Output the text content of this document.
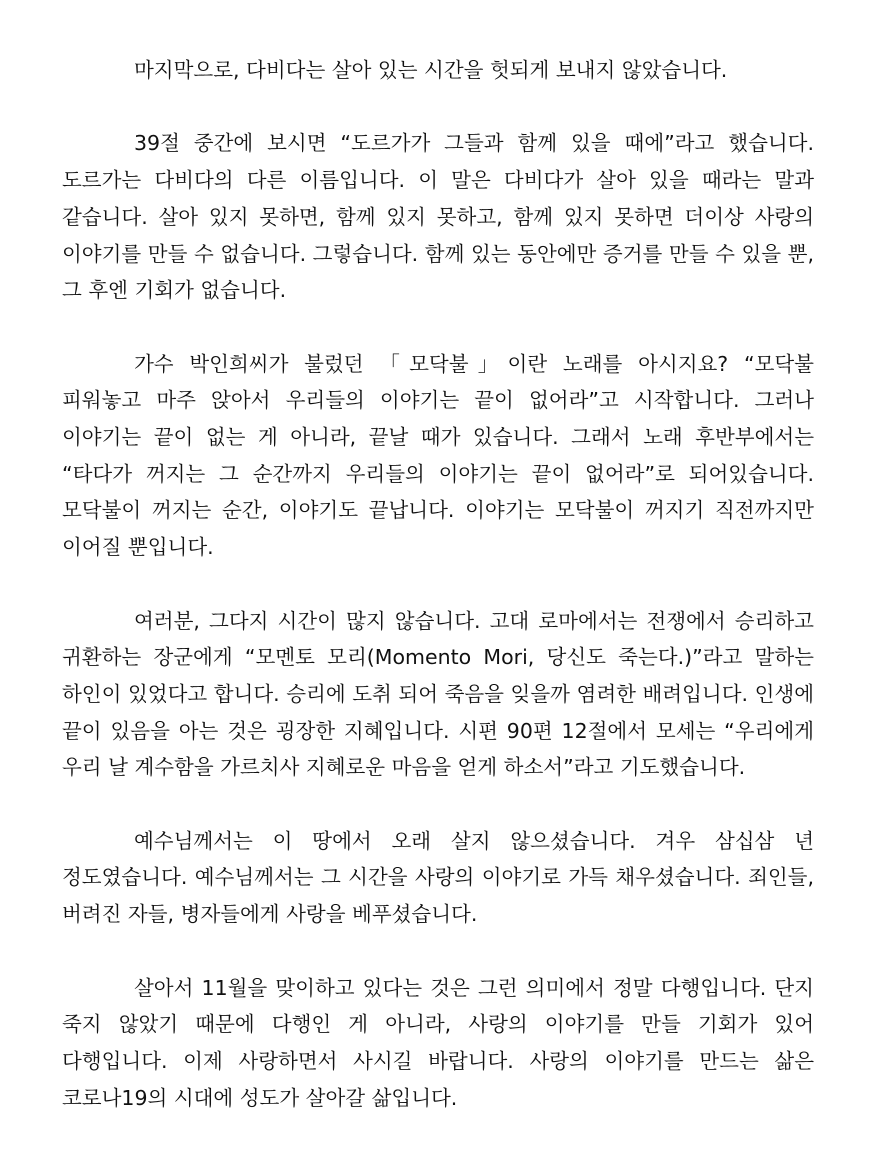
마지막으로, 다비다는 살아 있는 시간을 헛되게 보내지 않았습니다.

39절 중간에 보시면 “도르가가 그들과 함께 있을 때에”라고 했습니다. 도르가는 다비다의 다른 이름입니다. 이 말은 다비다가 살아 있을 때라는 말과 같습니다. 살아 있지 못하면, 함께 있지 못하고, 함께 있지 못하면 더이상 사랑의 이야기를 만들 수 없습니다. 그렇습니다. 함께 있는 동안에만 증거를 만들 수 있을 뿐, 그 후엔 기회가 없습니다.

가수 박인희씨가 불렀던 「모닥불」이란 노래를 아시지요? “모닥불 피워놓고 마주 앉아서 우리들의 이야기는 끝이 없어라”고 시작합니다. 그러나 이야기는 끝이 없는 게 아니라, 끝날 때가 있습니다. 그래서 노래 후반부에서는 “타다가 꺼지는 그 순간까지 우리들의 이야기는 끝이 없어라”로 되어있습니다. 모닥불이 꺼지는 순간, 이야기도 끝납니다. 이야기는 모닥불이 꺼지기 직전까지만 이어질 뿐입니다.

여러분, 그다지 시간이 많지 않습니다. 고대 로마에서는 전쟁에서 승리하고 귀환하는 장군에게 “모멘토 모리(Momento Mori, 당신도 죽는다.)”라고 말하는 하인이 있었다고 합니다. 승리에 도취 되어 죽음을 잊을까 염려한 배려입니다. 인생에 끝이 있음을 아는 것은 굉장한 지혜입니다. 시편 90편 12절에서 모세는 “우리에게 우리 날 계수함을 가르치사 지혜로운 마음을 얻게 하소서”라고 기도했습니다.

예수님께서는 이 땅에서 오래 살지 않으셨습니다. 겨우 삼십삼 년 정도였습니다. 예수님께서는 그 시간을 사랑의 이야기로 가득 채우셨습니다. 죄인들, 버려진 자들, 병자들에게 사랑을 베푸셨습니다.

살아서 11월을 맞이하고 있다는 것은 그런 의미에서 정말 다행입니다. 단지 죽지 않았기 때문에 다행인 게 아니라, 사랑의 이야기를 만들 기회가 있어 다행입니다. 이제 사랑하면서 사시길 바랍니다. 사랑의 이야기를 만드는 삶은 코로나19의 시대에 성도가 살아갈 삶입니다.
